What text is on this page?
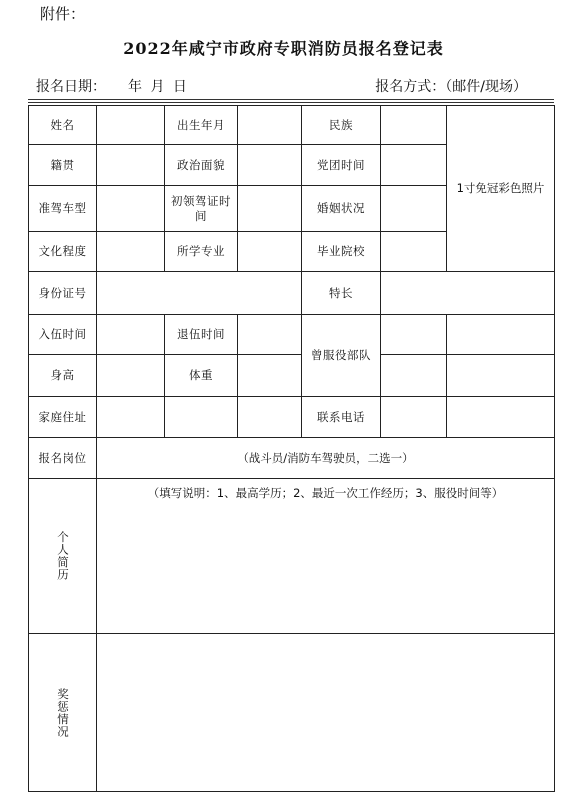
附件：
2022年咸宁市政府专职消防员报名登记表
报名日期： 年 月 日	报名方式：（邮件/现场）
姓名		出生年月		民族		1寸免冠彩色照片
籍贯		政治面貌		党团时间		
准驾车型		初领驾证时间		婚姻状况		
文化程度		所学专业		毕业院校		
身份证号				特长		
入伍时间		退伍时间		曾服役部队		
身高		体重				
家庭住址				联系电话		
报名岗位	（战斗员/消防车驾驶员，二选一）					
个人简历	（填写说明：1、最高学历；2、最近一次工作经历；3、服役时间等）					
奖惩情况						
